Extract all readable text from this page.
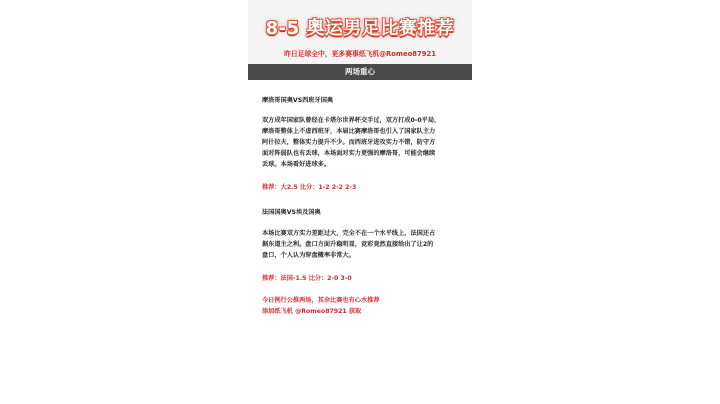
8-5 奥运男足比赛推荐
昨日足球全中，更多赛事纸飞机@Romeo87921
两场重心
摩洛哥国奥VS西班牙国奥
双方成年国家队曾经在卡塔尔世界杯交手过，双方打成0-0平局，
摩洛哥整体上不虚西班牙，本届比赛摩洛哥也引入了国家队主力
阿什拉夫，整体实力提升不少。而西班牙进攻实力不错，防守方
面对阵弱队也有丢球，本场面对实力更强的摩洛哥，可能会继续
丢球。本场看好进球多。
推荐：大2.5 比分：1-2 2-2 2-3
法国国奥VS埃及国奥
本场比赛双方实力差距过大，完全不在一个水平线上，法国还占
据东道主之利。盘口方面升稳明显，竞彩竟然直接给出了让2的
盘口，个人认为穿盘概率非常大。
推荐：法国-1.5 比分：2-0 3-0
今日例行公推两场，其余比赛也有心水推荐
添加纸飞机 @Romeo87921 获取
